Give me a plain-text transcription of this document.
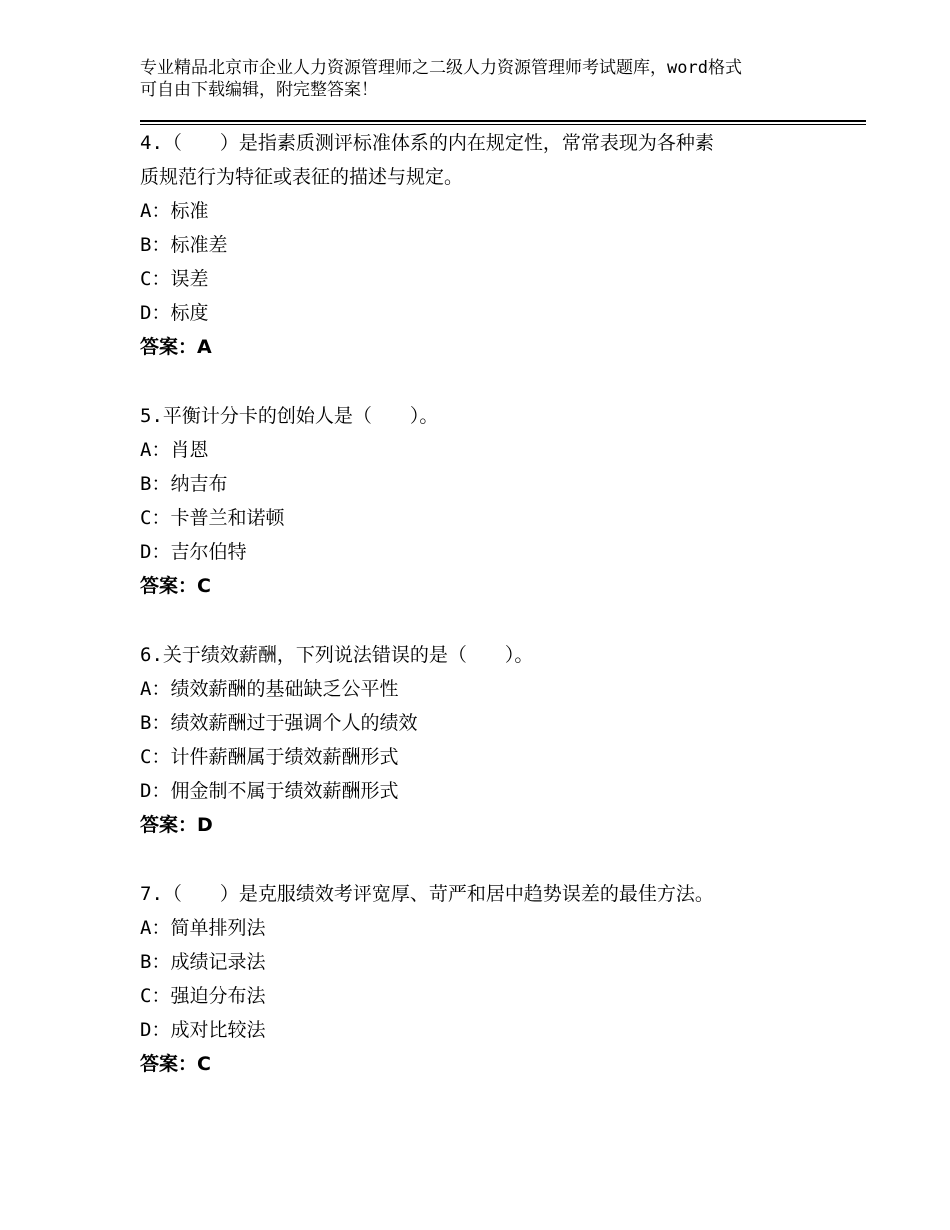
专业精品北京市企业人力资源管理师之二级人力资源管理师考试题库，word格式
可自由下载编辑，附完整答案！
4.（　　）是指素质测评标准体系的内在规定性，常常表现为各种素
质规范行为特征或表征的描述与规定。
A：标准
B：标准差
C：误差
D：标度
答案：A
5.平衡计分卡的创始人是（　　）。
A：肖恩
B：纳吉布
C：卡普兰和诺顿
D：吉尔伯特
答案：C
6.关于绩效薪酬，下列说法错误的是（　　）。
A：绩效薪酬的基础缺乏公平性
B：绩效薪酬过于强调个人的绩效
C：计件薪酬属于绩效薪酬形式
D：佣金制不属于绩效薪酬形式
答案：D
7.（　　）是克服绩效考评宽厚、苛严和居中趋势误差的最佳方法。
A：简单排列法
B：成绩记录法
C：强迫分布法
D：成对比较法
答案：C
